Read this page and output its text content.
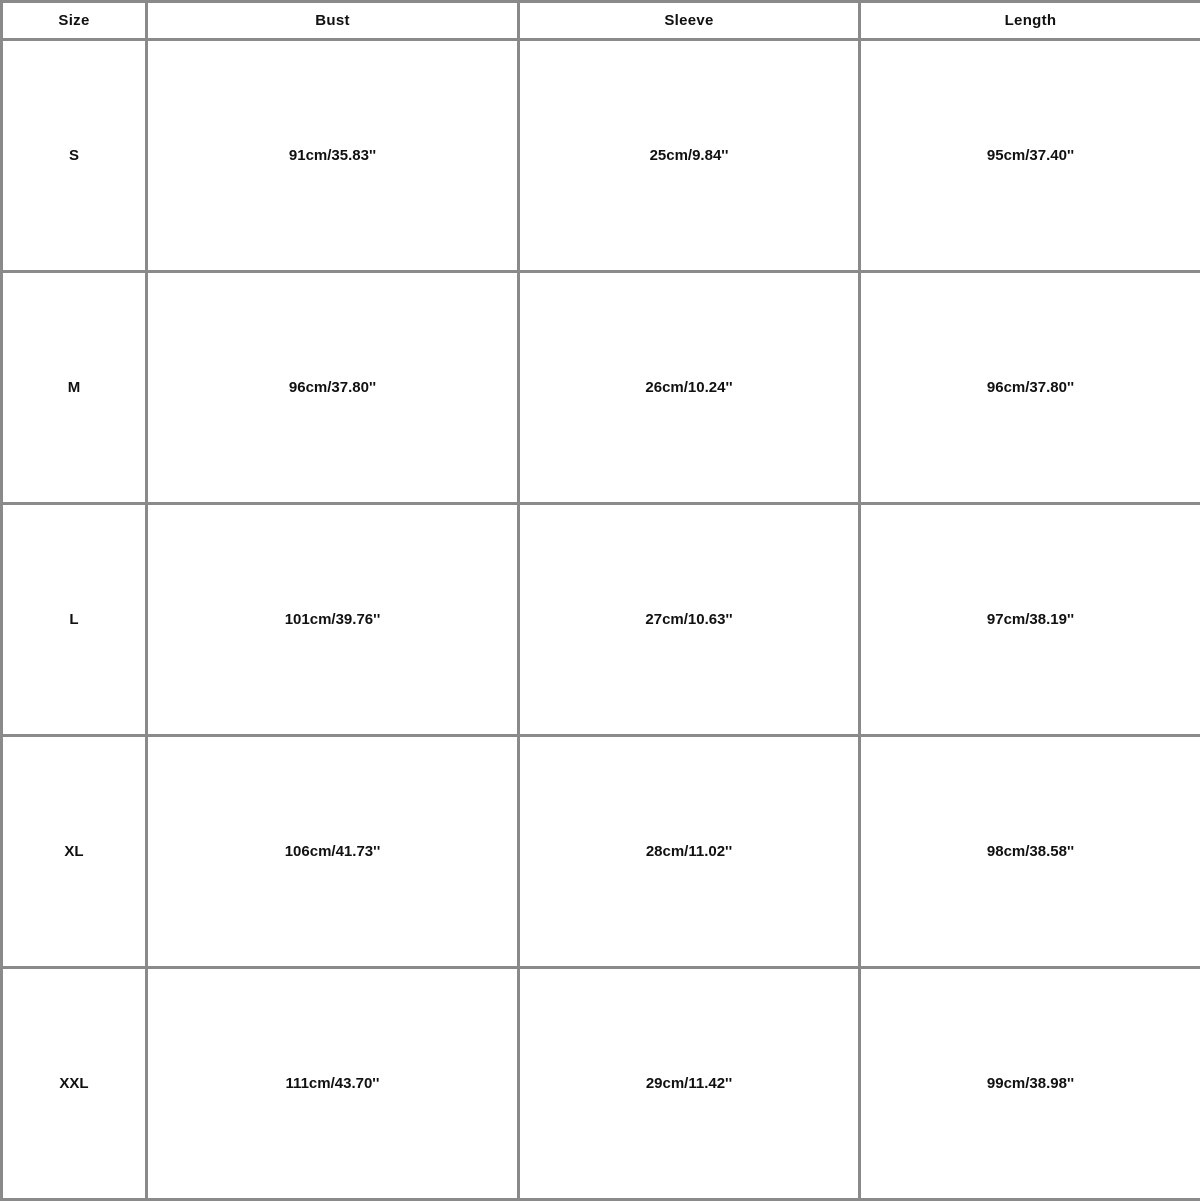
Size	Bust	Sleeve	Length
S	91cm/35.83''	25cm/9.84''	95cm/37.40''
M	96cm/37.80''	26cm/10.24''	96cm/37.80''
L	101cm/39.76''	27cm/10.63''	97cm/38.19''
XL	106cm/41.73''	28cm/11.02''	98cm/38.58''
XXL	111cm/43.70''	29cm/11.42''	99cm/38.98''
